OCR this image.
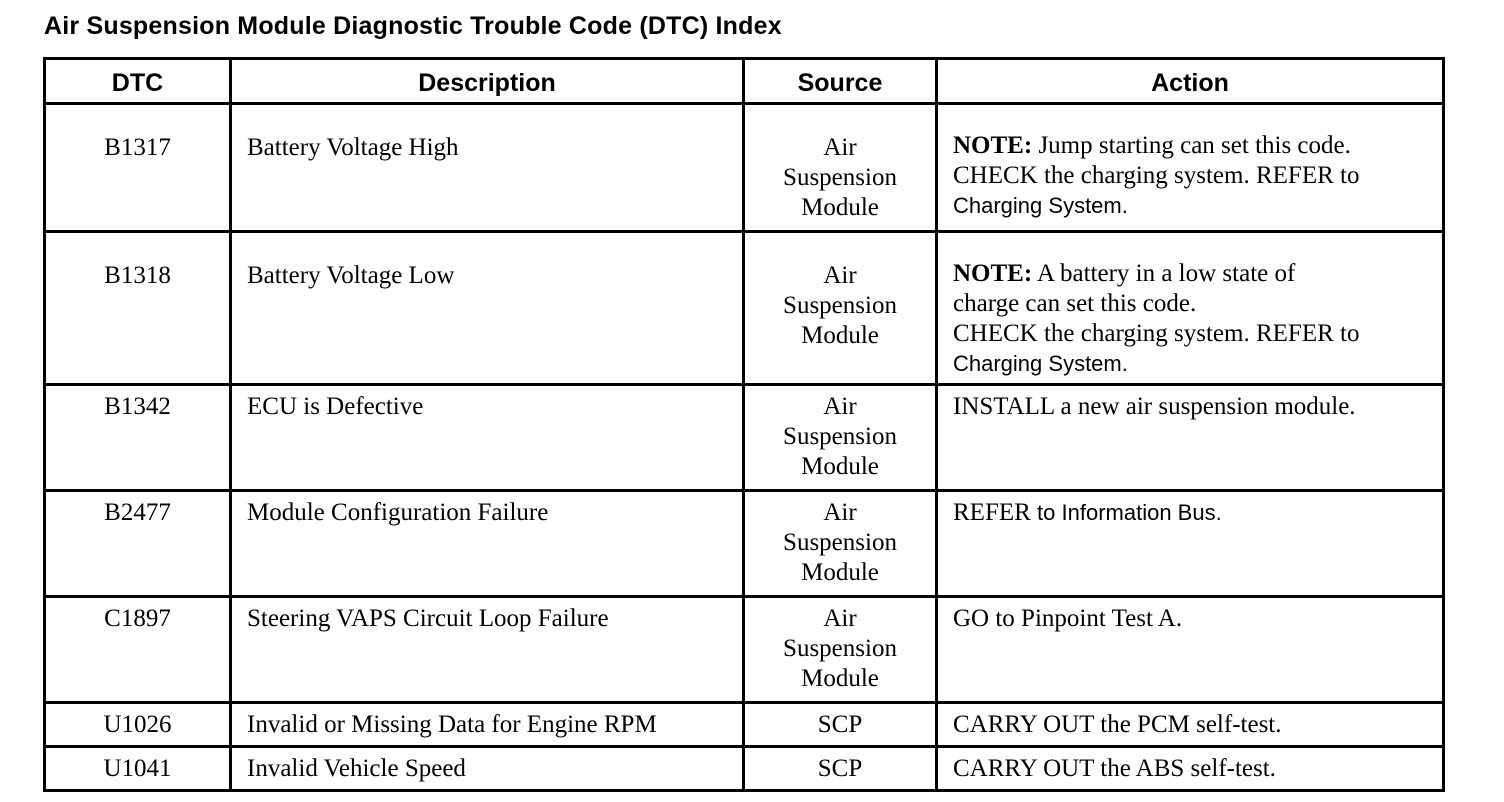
Air Suspension Module Diagnostic Trouble Code (DTC) Index
DTC	Description	Source	Action
B1317	Battery Voltage High	Air
Suspension
Module	NOTE: Jump starting can set this code.
CHECK the charging system. REFER to
Charging System.

B1318	Battery Voltage Low	Air
Suspension
Module	NOTE: A battery in a low state of
charge can set this code.
CHECK the charging system. REFER to
Charging System.

B1342	ECU is Defective	Air
Suspension
Module	INSTALL a new air suspension module.

B2477	Module Configuration Failure	Air
Suspension
Module	REFER to Information Bus.

C1897	Steering VAPS Circuit Loop Failure	Air
Suspension
Module	GO to Pinpoint Test A.

U1026	Invalid or Missing Data for Engine RPM	SCP	CARRY OUT the PCM self-test.
U1041	Invalid Vehicle Speed	SCP	CARRY OUT the ABS self-test.
